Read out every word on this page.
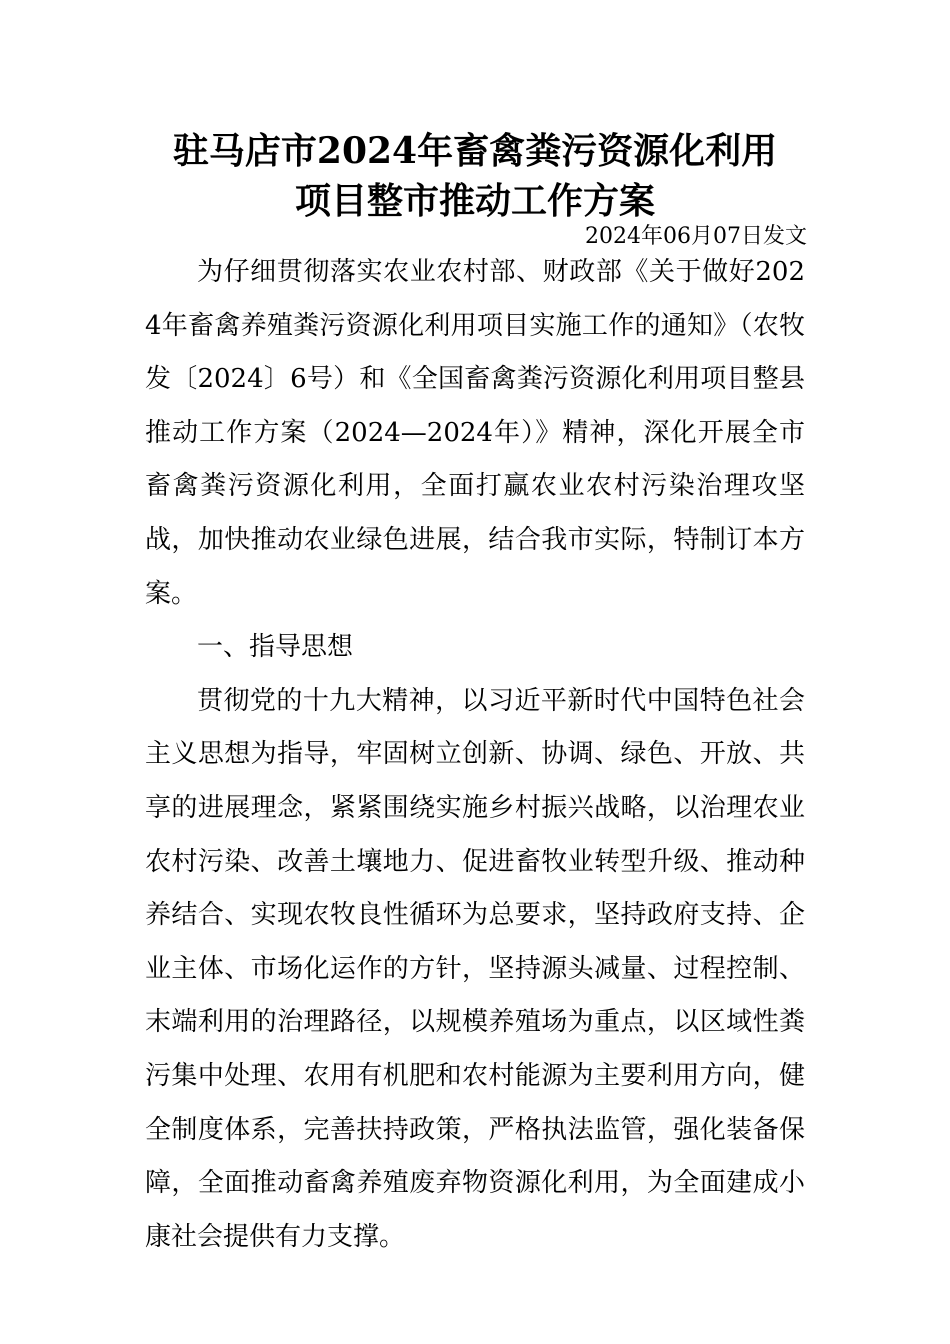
驻马店市2024年畜禽粪污资源化利用
项目整市推动工作方案
2024年06月07日发文

为仔细贯彻落实农业农村部、财政部《关于做好2024年畜禽养殖粪污资源化利用项目实施工作的通知》（农牧发〔2024〕6号）和《全国畜禽粪污资源化利用项目整县推动工作方案（2024—2024年）》精神，深化开展全市畜禽粪污资源化利用，全面打赢农业农村污染治理攻坚战，加快推动农业绿色进展，结合我市实际，特制订本方案。

一、指导思想

贯彻党的十九大精神，以习近平新时代中国特色社会主义思想为指导，牢固树立创新、协调、绿色、开放、共享的进展理念，紧紧围绕实施乡村振兴战略，以治理农业农村污染、改善土壤地力、促进畜牧业转型升级、推动种养结合、实现农牧良性循环为总要求，坚持政府支持、企业主体、市场化运作的方针，坚持源头减量、过程控制、末端利用的治理路径，以规模养殖场为重点，以区域性粪污集中处理、农用有机肥和农村能源为主要利用方向，健全制度体系，完善扶持政策，严格执法监管，强化装备保障，全面推动畜禽养殖废弃物资源化利用，为全面建成小康社会提供有力支撑。
